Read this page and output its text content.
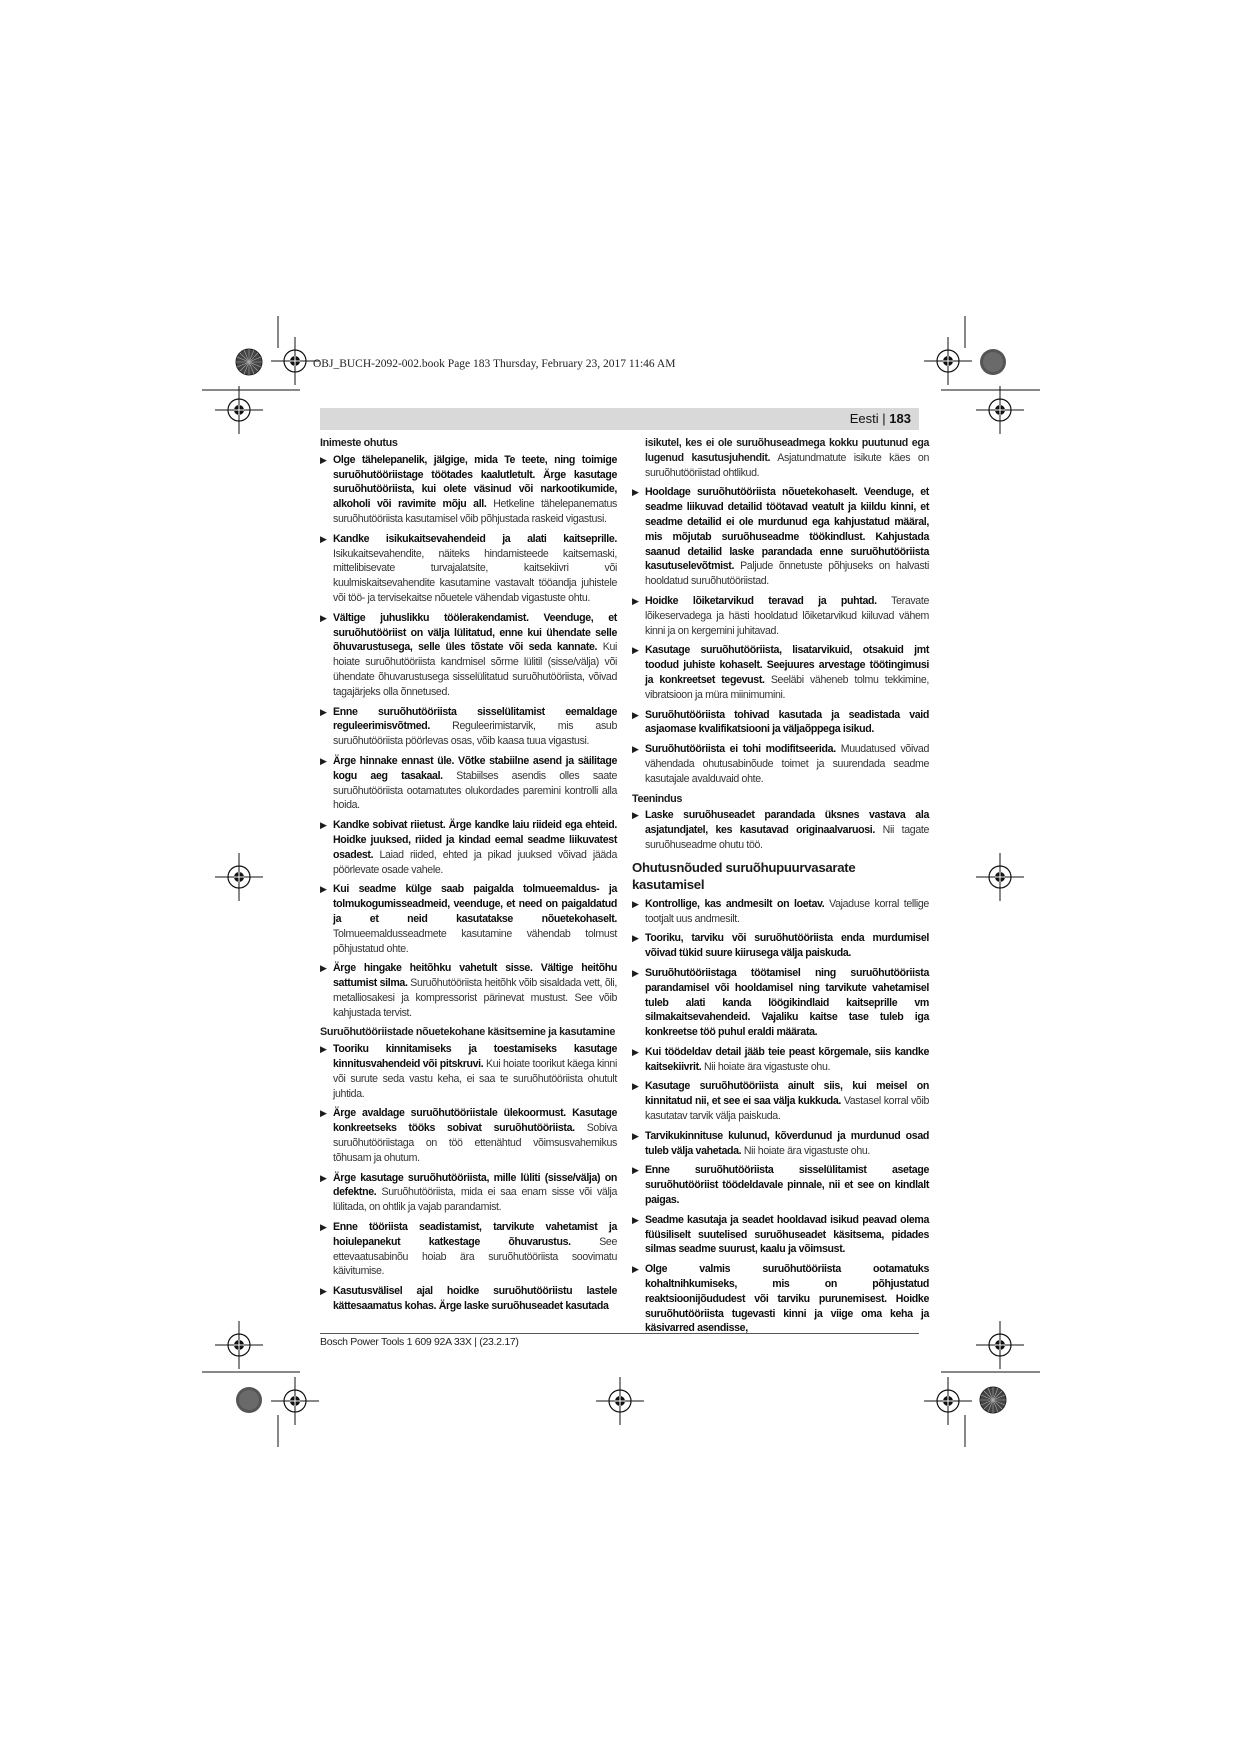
OBJ_BUCH-2092-002.book Page 183 Thursday, February 23, 2017 11:46 AM
Eesti | 183
Inimeste ohutus
▶ Olge tähelepanelik, jälgige, mida Te teete, ning toimige suruõhutööriistage töötades kaalutletult. Ärge kasutage suruõhutööriista, kui olete väsinud või narkootikumide, alkoholi või ravimite mõju all. Hetkeline tähelepanematus suruõhutööriista kasutamisel võib põhjustada raskeid vigastusi.
▶ Kandke isikukaitsevahendeid ja alati kaitseprille. Isikukaitsevahendite, näiteks hindamisteede kaitsemaski, mittelibisevate turvajalatsite, kaitsekiivri või kuulmiskaitsevahendite kasutamine vastavalt tööandja juhistele või töö- ja tervisekaitse nõuetele vähendab vigastuste ohtu.
▶ Vältige juhuslikku töölerakendamist. Veenduge, et suruõhutööriist on välja lülitatud, enne kui ühendate selle õhuvarustusega, selle üles tõstate või seda kannate. Kui hoiate suruõhutööriista kandmisel sõrme lülitil (sisse/välja) või ühendate õhuvarustusega sisselülitatud suruõhutööriista, võivad tagajärjeks olla õnnetused.
▶ Enne suruõhutööriista sisselülitamist eemaldage reguleerimisvõtmed. Reguleerimistarvik, mis asub suruõhutööriista pöörlevas osas, võib kaasa tuua vigastusi.
▶ Ärge hinnake ennast üle. Võtke stabiilne asend ja säilitage kogu aeg tasakaal. Stabiilses asendis olles saate suruõhutööriista ootamatutes olukordades paremini kontrolli alla hoida.
▶ Kandke sobivat riietust. Ärge kandke laiu riideid ega ehteid. Hoidke juuksed, riided ja kindad eemal seadme liikuvatest osadest. Laiad riided, ehted ja pikad juuksed võivad jääda pöörlevate osade vahele.
▶ Kui seadme külge saab paigalda tolmueemaldus- ja tolmukogumisseadmeid, veenduge, et need on paigaldatud ja et neid kasutatakse nõuetekohaselt. Tolmueemaldusseadmete kasutamine vähendab tolmust põhjustatud ohte.
▶ Ärge hingake heitõhku vahetult sisse. Vältige heitõhu sattumist silma. Suruõhutööriista heitõhk võib sisaldada vett, õli, metalliosakesi ja kompressorist pärinevat mustust. See võib kahjustada tervist.
Suruõhutööriistade nõuetekohane käsitsemine ja kasutamine
▶ Tooriku kinnitamiseks ja toestamiseks kasutage kinnitusvahendeid või pitskruvi. Kui hoiate toorikut käega kinni või surute seda vastu keha, ei saa te suruõhutööriista ohutult juhtida.
▶ Ärge avaldage suruõhutööriistale ülekoormust. Kasutage konkreetseks tööks sobivat suruõhutööriista. Sobiva suruõhutööriistaga on töö ettenähtud võimsusvahemikus tõhusam ja ohutum.
▶ Ärge kasutage suruõhutööriista, mille lüliti (sisse/välja) on defektne. Suruõhutööriista, mida ei saa enam sisse või välja lülitada, on ohtlik ja vajab parandamist.
▶ Enne tööriista seadistamist, tarvikute vahetamist ja hoiulepanekut katkestage õhuvarustus. See ettevaatusabinõu hoiab ära suruõhutööriista soovimatu käivitumise.
▶ Kasutusvälisel ajal hoidke suruõhutööriistu lastele kättesaamatus kohas. Ärge laske suruõhuseadet kasutada

isikutel, kes ei ole suruõhuseadmega kokku puutunud ega lugenud kasutusjuhendit. Asjatundmatute isikute käes on suruõhutööriistad ohtlikud.

▶ Hooldage suruõhutööriista nõuetekohaselt. Veenduge, et seadme liikuvad detailid töötavad veatult ja kiildu kinni, et seadme detailid ei ole murdunud ega kahjustatud määral, mis mõjutab suruõhuseadme töökindlust. Kahjustada saanud detailid laske parandada enne suruõhutööriista kasutuselevõtmist. Paljude õnnetuste põhjuseks on halvasti hooldatud suruõhutööriistad.
▶ Hoidke lõiketarvikud teravad ja puhtad. Teravate lõikeservadega ja hästi hooldatud lõiketarvikud kiiluvad vähem kinni ja on kergemini juhitavad.
▶ Kasutage suruõhutööriista, lisatarvikuid, otsakuid jmt toodud juhiste kohaselt. Seejuures arvestage töötingimusi ja konkreetset tegevust. Seeläbi väheneb tolmu tekkimine, vibratsioon ja müra miinimumini.
▶ Suruõhutööriista tohivad kasutada ja seadistada vaid asjaomase kvalifikatsiooni ja väljaõppega isikud.
▶ Suruõhutööriista ei tohi modifitseerida. Muudatused võivad vähendada ohutusabinõude toimet ja suurendada seadme kasutajale avalduvaid ohte.
Teenindus
▶ Laske suruõhuseadet parandada üksnes vastava ala asjatundjatel, kes kasutavad originaalvaruosi. Nii tagate suruõhuseadme ohutu töö.
Ohutusnõuded suruõhupuurvasarate kasutamisel
▶ Kontrollige, kas andmesilt on loetav. Vajaduse korral tellige tootjalt uus andmesilt.
▶ Tooriku, tarviku või suruõhutööriista enda murdumisel võivad tükid suure kiirusega välja paiskuda.
▶ Suruõhutööriistaga töötamisel ning suruõhutööriista parandamisel või hooldamisel ning tarvikute vahetamisel tuleb alati kanda löögikindlaid kaitseprille vm silmakaitsevahendeid. Vajaliku kaitse tase tuleb iga konkreetse töö puhul eraldi määrata.
▶ Kui töödeldav detail jääb teie peast kõrgemale, siis kandke kaitsekiivrit. Nii hoiate ära vigastuste ohu.
▶ Kasutage suruõhutööriista ainult siis, kui meisel on kinnitatud nii, et see ei saa välja kukkuda. Vastasel korral võib kasutatav tarvik välja paiskuda.
▶ Tarvikukinnituse kulunud, kõverdunud ja murdunud osad tuleb välja vahetada. Nii hoiate ära vigastuste ohu.
▶ Enne suruõhutööriista sisselülitamist asetage suruõhutööriist töödeldavale pinnale, nii et see on kindlalt paigas.
▶ Seadme kasutaja ja seadet hooldavad isikud peavad olema füüsiliselt suutelised suruõhuseadet käsitsema, pidades silmas seadme suurust, kaalu ja võimsust.
▶ Olge valmis suruõhutööriista ootamatuks kohaltnihkumiseks, mis on põhjustatud reaktsioonijõududest või tarviku purunemisest. Hoidke suruõhutööriista tugevasti kinni ja viige oma keha ja käsivarred asendisse,
Bosch Power Tools 1 609 92A 33X | (23.2.17)
